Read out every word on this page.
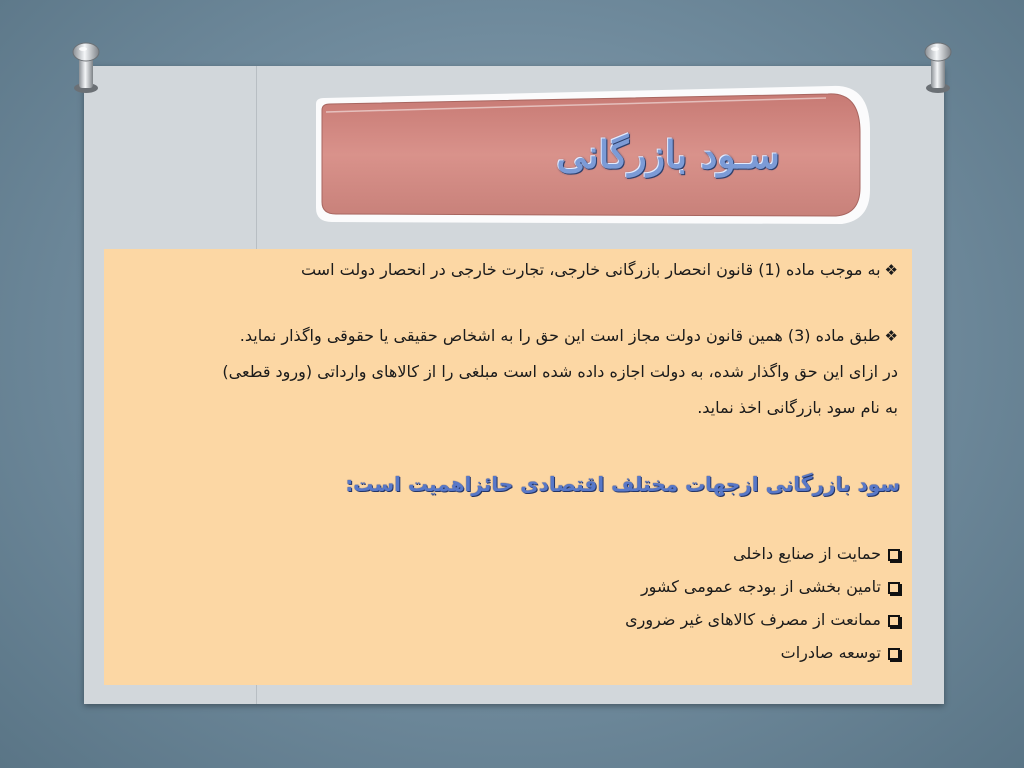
سـود بازرگانی
❖به موجب ماده (1) قانون انحصار بازرگانی خارجی، تجارت خارجی در انحصار دولت است
❖طبق ماده (3) همین قانون دولت مجاز است این حق را به اشخاص حقیقی یا حقوقی واگذار نماید.
در ازای این حق واگذار شده، به دولت اجازه داده شده است مبلغی را از کالاهای وارداتی (ورود قطعی)
به نام سود بازرگانی اخذ نماید.
سود بازرگانی ازجهات مختلف اقتصادی حائزاهمیت است:
حمایت از صنایع داخلی
تامین بخشی از بودجه عمومی کشور
ممانعت از مصرف کالاهای غیر ضروری
توسعه صادرات
